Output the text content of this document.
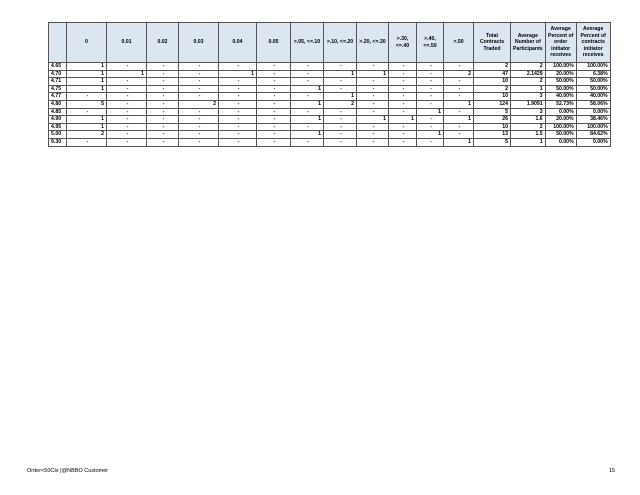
	0	0.01	0.02	0.03	0.04	0.05	>.05, <=.10	>.10, <=.20	>.20, <=.30	>.30, <=.40	>.40, <=.50	>.50	Total Contracts Traded	Average Number of Participants	Average Percent of order initiator receives	Average Percent of contracts initiator receives
4.65	1	-	-	-	-	-	-	-	-	-	-	-	2	2	100.00%	100.00%
4.70	1	1	-	-	1	-	-	1	1	-	-	2	47	2.1429	20.00%	6.38%
4.71	1	-	-	-	-	-	-	-	-	-	-	-	10	2	50.00%	50.00%
4.75	1	-	-	-	-	-	1	-	-	-	-	-	2	1	50.00%	50.00%
4.77	-	-	-	-	-	-	-	1	-	-	-	-	10	3	40.00%	40.00%
4.80	5	-	-	2	-	-	1	2	-	-	-	1	124	1.9091	52.73%	58.06%
4.85	-	-	-	-	-	-	-	-	-	-	1	-	5	3	0.00%	0.00%
4.90	1	-	-	-	-	-	1	-	1	1	-	1	26	1.6	20.00%	38.46%
4.95	1	-	-	-	-	-	-	-	-	-	-	-	10	2	100.00%	100.00%
5.00	2	-	-	-	-	-	1	-	-	-	1	-	13	1.5	50.00%	84.62%
9.30	-	-	-	-	-	-	-	-	-	-	-	1	5	1	0.00%	0.00%
Order<50Ctx |@NBBO Customer	15
